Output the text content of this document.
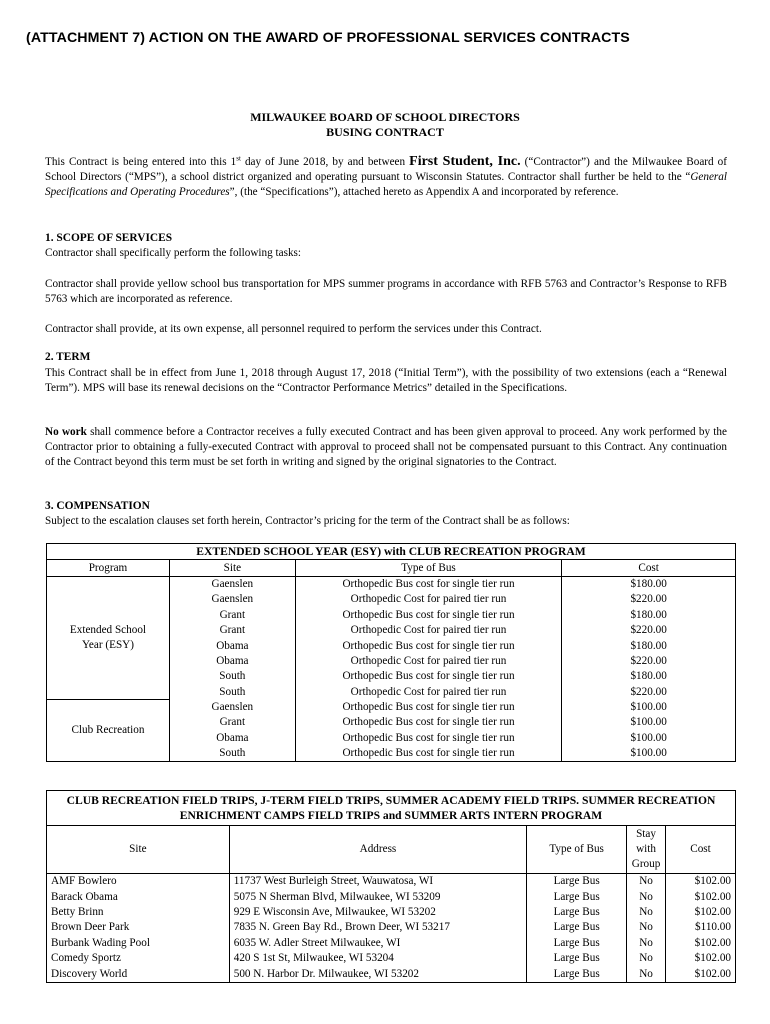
(ATTACHMENT 7) ACTION ON THE AWARD OF PROFESSIONAL SERVICES CONTRACTS
MILWAUKEE BOARD OF SCHOOL DIRECTORS
BUSING CONTRACT
This Contract is being entered into this 1st day of June 2018, by and between First Student, Inc. (“Contractor”) and the Milwaukee Board of School Directors (“MPS”), a school district organized and operating pursuant to Wisconsin Statutes. Contractor shall further be held to the “General Specifications and Operating Procedures”, (the “Specifications”), attached hereto as Appendix A and incorporated by reference.
1. SCOPE OF SERVICES
Contractor shall specifically perform the following tasks:
Contractor shall provide yellow school bus transportation for MPS summer programs in accordance with RFB 5763 and Contractor’s Response to RFB 5763 which are incorporated as reference.
Contractor shall provide, at its own expense, all personnel required to perform the services under this Contract.
2. TERM
This Contract shall be in effect from June 1, 2018 through August 17, 2018 (“Initial Term”), with the possibility of two extensions (each a “Renewal Term”). MPS will base its renewal decisions on the “Contractor Performance Metrics” detailed in the Specifications.
No work shall commence before a Contractor receives a fully executed Contract and has been given approval to proceed. Any work performed by the Contractor prior to obtaining a fully-executed Contract with approval to proceed shall not be compensated pursuant to this Contract. Any continuation of the Contract beyond this term must be set forth in writing and signed by the original signatories to the Contract.
3. COMPENSATION
Subject to the escalation clauses set forth herein, Contractor’s pricing for the term of the Contract shall be as follows:
EXTENDED SCHOOL YEAR (ESY) with CLUB RECREATION PROGRAM			
Program	Site	Type of Bus	Cost

Extended School Year (ESY)	Gaenslen	Orthopedic Bus cost for single tier run	$180.00
	Gaenslen	Orthopedic Cost for paired tier run	$220.00
	Grant	Orthopedic Bus cost for single tier run	$180.00
	Grant	Orthopedic Cost for paired tier run	$220.00
	Obama	Orthopedic Bus cost for single tier run	$180.00
	Obama	Orthopedic Cost for paired tier run	$220.00
	South	Orthopedic Bus cost for single tier run	$180.00
	South	Orthopedic Cost for paired tier run	$220.00
Club Recreation	Gaenslen	Orthopedic Bus cost for single tier run	$100.00
	Grant	Orthopedic Bus cost for single tier run	$100.00
	Obama	Orthopedic Bus cost for single tier run	$100.00
	South	Orthopedic Bus cost for single tier run	$100.00
CLUB RECREATION FIELD TRIPS, J-TERM FIELD TRIPS, SUMMER ACADEMY FIELD TRIPS. SUMMER RECREATION ENRICHMENT CAMPS FIELD TRIPS and SUMMER ARTS INTERN PROGRAM				
Site	Address	Type of Bus	Stay with Group	Cost
AMF Bowlero	11737 West Burleigh Street, Wauwatosa, WI	Large Bus	No	$102.00
Barack Obama	5075 N Sherman Blvd, Milwaukee, WI 53209	Large Bus	No	$102.00
Betty Brinn	929 E Wisconsin Ave, Milwaukee, WI 53202	Large Bus	No	$102.00
Brown Deer Park	7835 N. Green Bay Rd., Brown Deer, WI 53217	Large Bus	No	$110.00
Burbank Wading Pool	6035 W. Adler Street Milwaukee, WI	Large Bus	No	$102.00
Comedy Sportz	420 S 1st St, Milwaukee, WI 53204	Large Bus	No	$102.00
Discovery World	500 N. Harbor Dr. Milwaukee, WI 53202	Large Bus	No	$102.00
